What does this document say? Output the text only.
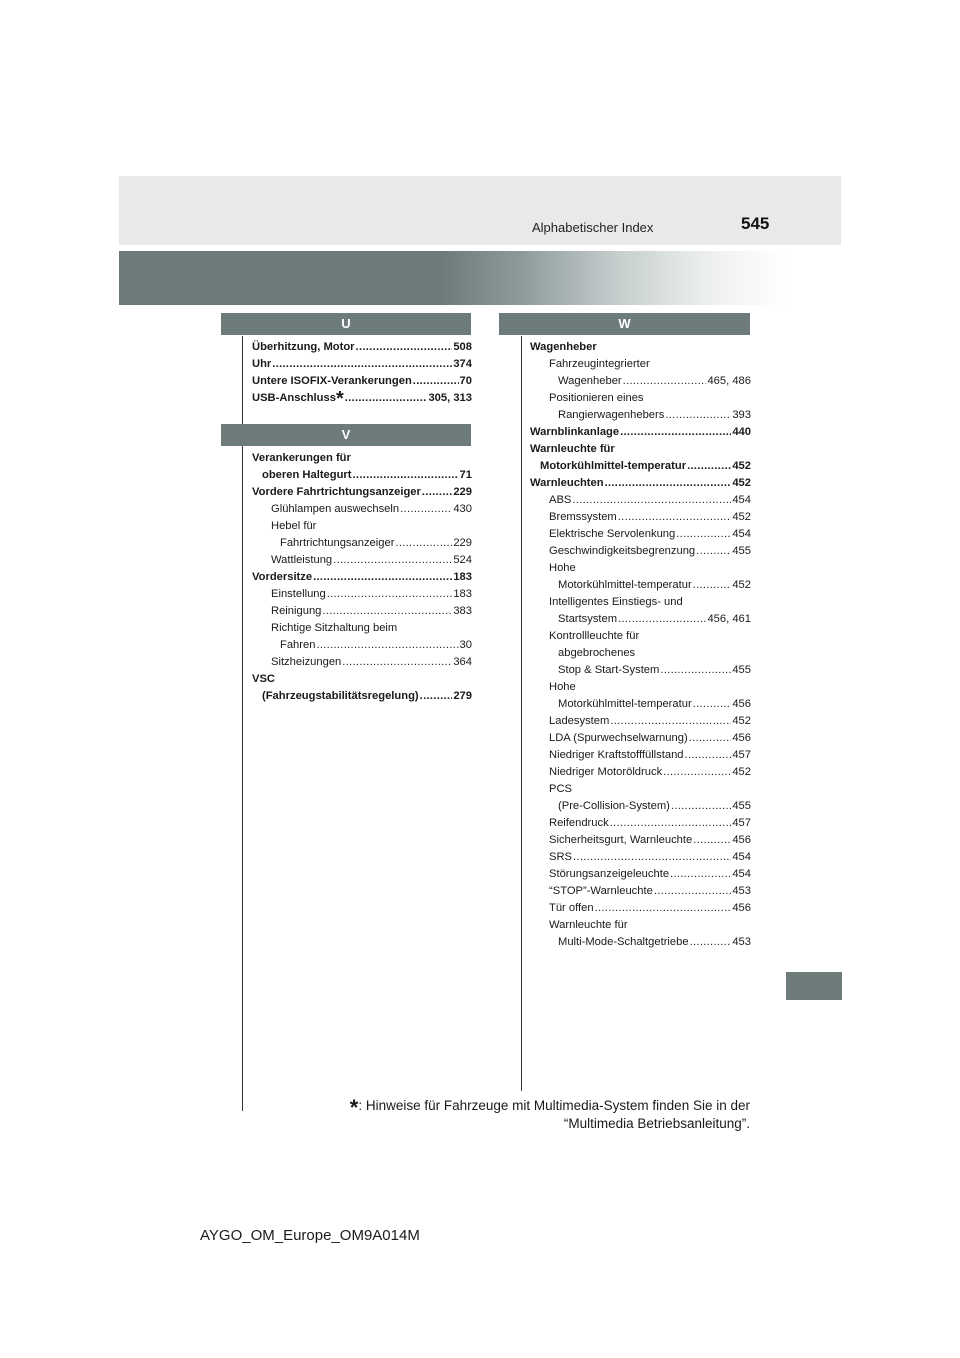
Alphabetischer Index	545
U
Überhitzung, Motor .....	508
Uhr .....	374
Untere ISOFIX-Verankerungen .....	70
USB-Anschluss * .....	305, 313
V
Verankerungen für
oberen Haltegurt .....	71
Vordere Fahrtrichtungsanzeiger .....	229
Glühlampen auswechseln .....	430
Hebel für
Fahrtrichtungsanzeiger .....	229
Wattleistung .....	524
Vordersitze .....	183
Einstellung .....	183
Reinigung .....	383
Richtige Sitzhaltung beim
Fahren .....	30
Sitzheizungen .....	364
VSC
(Fahrzeugstabilitätsregelung) .....	279
W
Wagenheber
Fahrzeugintegrierter
Wagenheber .....	465, 486
Positionieren eines
Rangierwagenhebers .....	393
Warnblinkanlage .....	440
Warnleuchte für
Motorkühlmittel-temperatur .....	452
Warnleuchten .....	452
ABS .....	454
Bremssystem .....	452
Elektrische Servolenkung .....	454
Geschwindigkeitsbegrenzung .....	455
Hohe
Motorkühlmittel-temperatur .....	452
Intelligentes Einstiegs- und
Startsystem .....	456, 461
Kontrollleuchte für
abgebrochenes
Stop & Start-System .....	455
Hohe
Motorkühlmittel-temperatur .....	456
Ladesystem .....	452
LDA (Spurwechselwarnung) .....	456
Niedriger Kraftstofffüllstand .....	457
Niedriger Motoröldruck .....	452
PCS
(Pre-Collision-System) .....	455
Reifendruck .....	457
Sicherheitsgurt, Warnleuchte .....	456
SRS .....	454
Störungsanzeigeleuchte .....	454
“STOP”-Warnleuchte .....	453
Tür offen .....	456
Warnleuchte für
Multi-Mode-Schaltgetriebe .....	453
*: Hinweise für Fahrzeuge mit Multimedia-System finden Sie in der
“Multimedia Betriebsanleitung”.
AYGO_OM_Europe_OM9A014M
